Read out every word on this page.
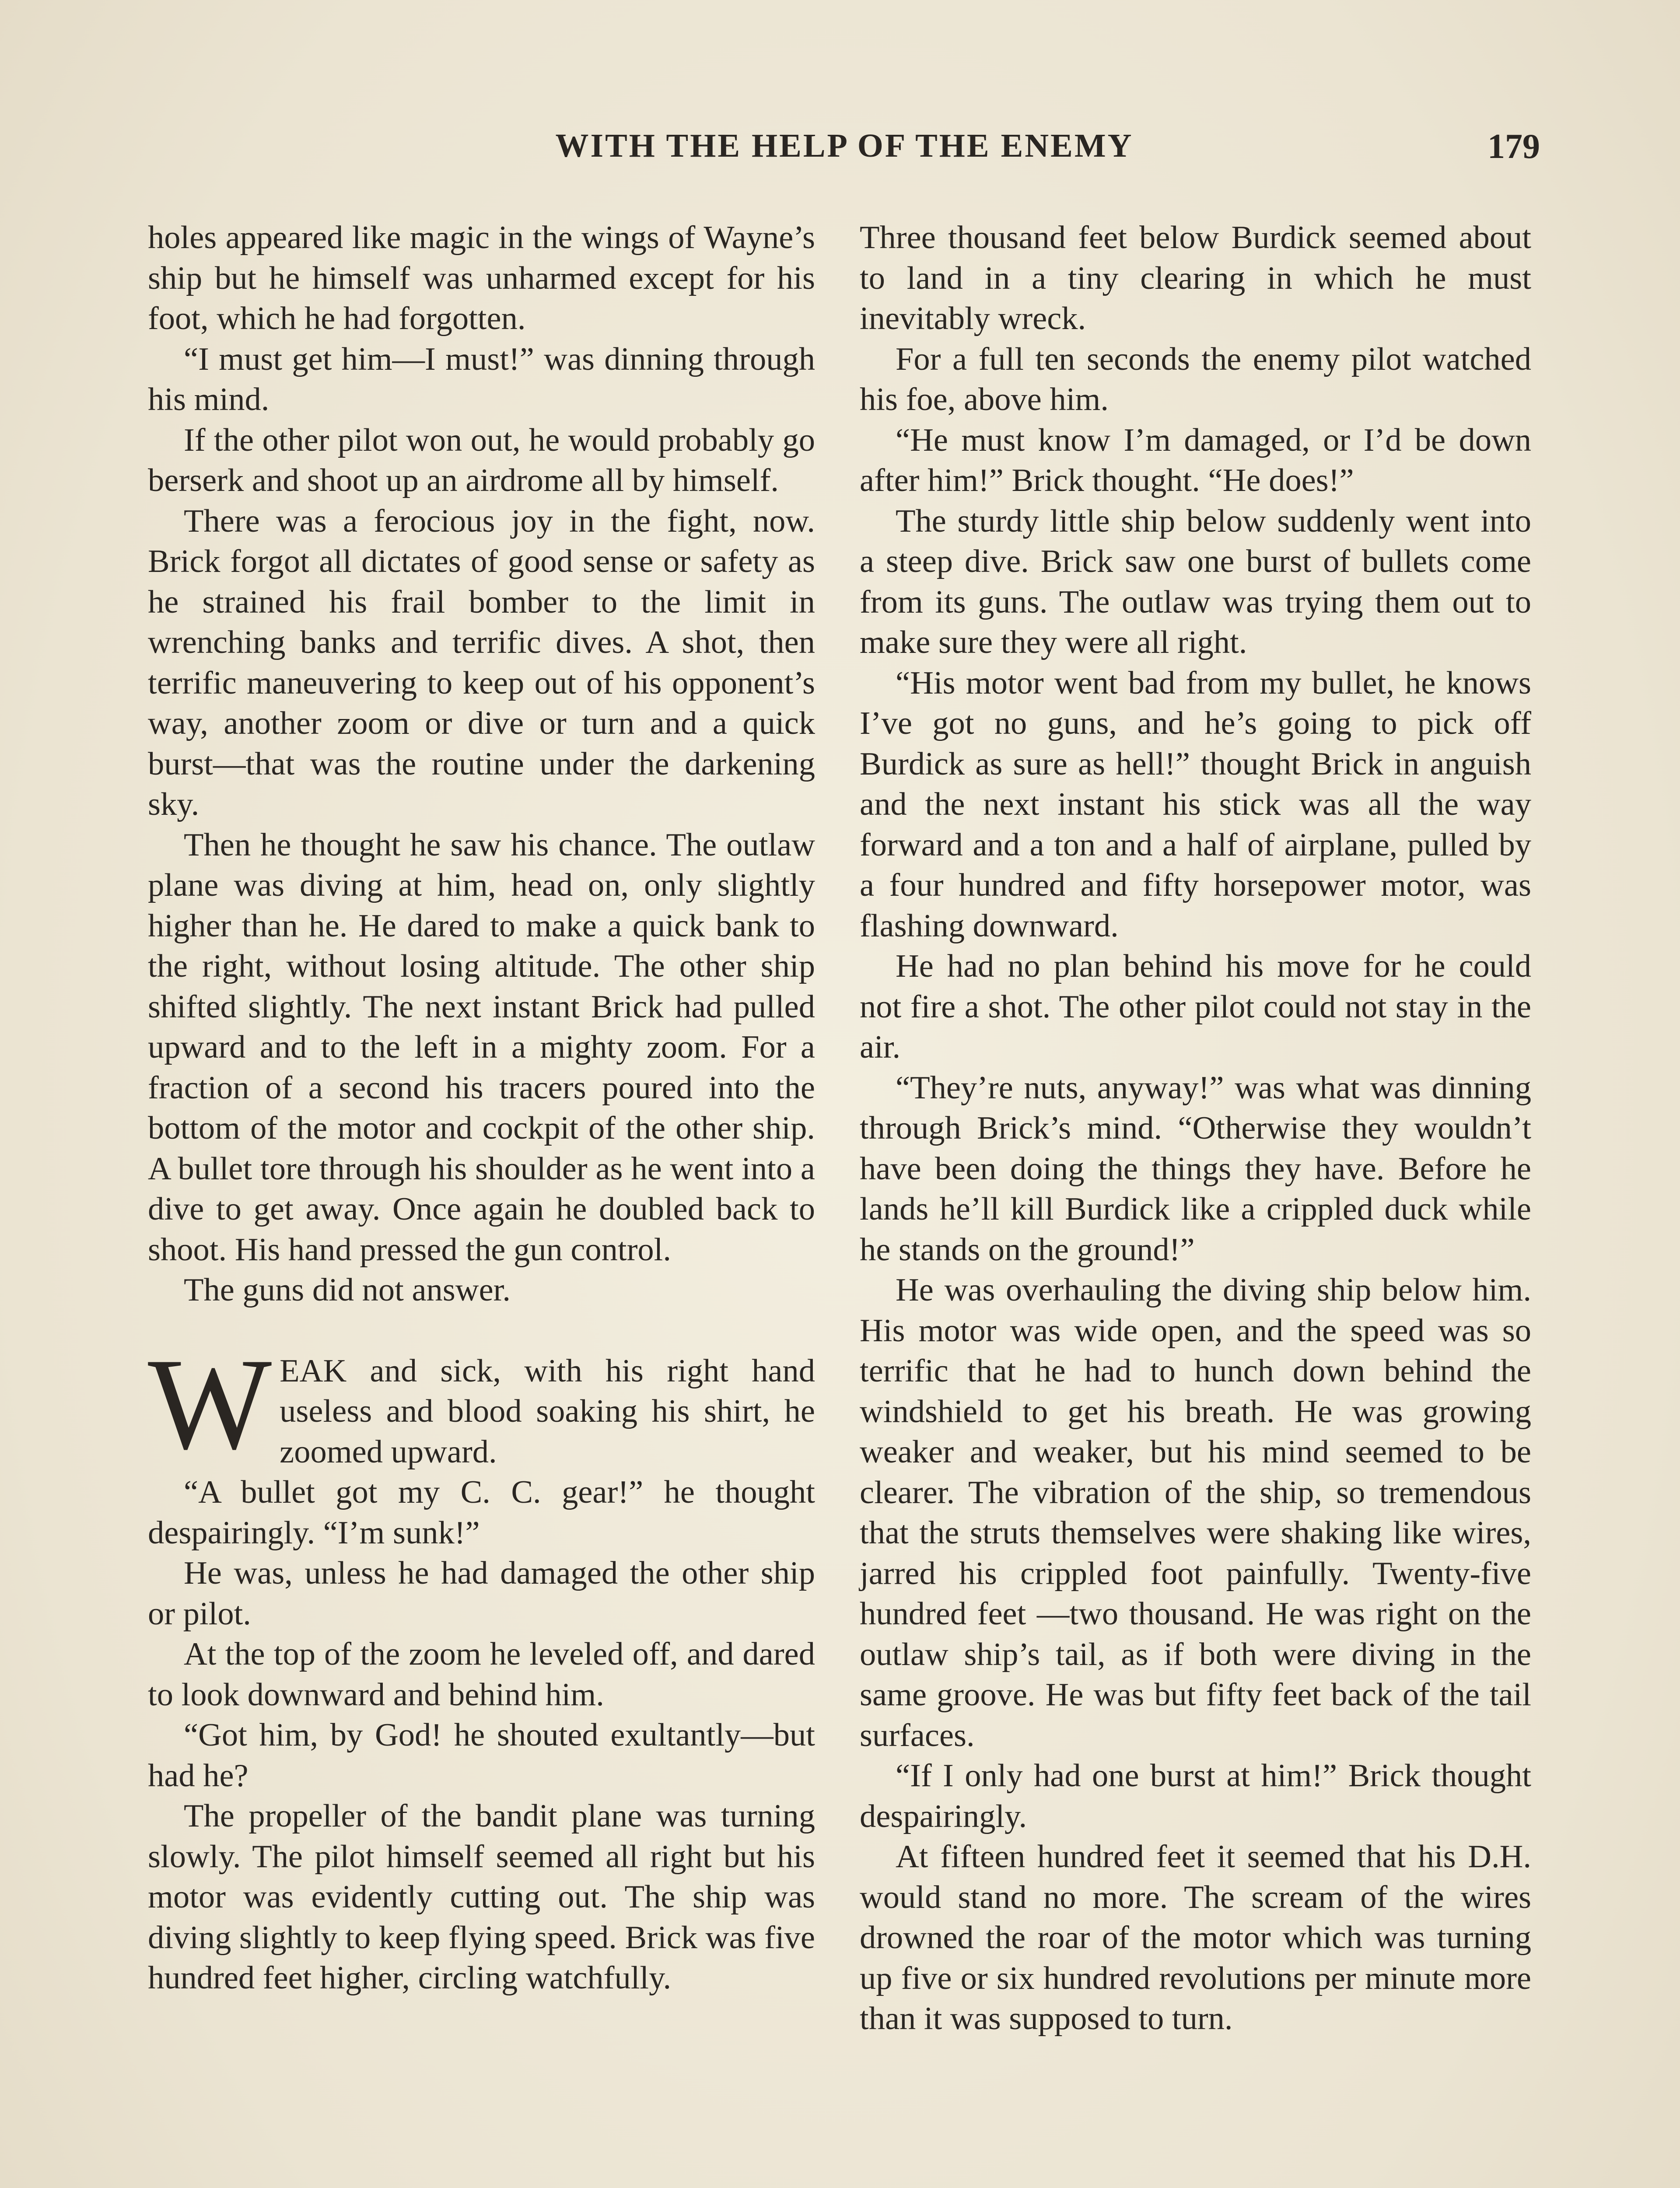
WITH THE HELP OF THE ENEMY	179

holes appeared like magic in the wings of Wayne’s ship but he himself was unharmed except for his foot, which he had forgotten.

“I must get him—I must!” was dinning through his mind.

If the other pilot won out, he would probably go berserk and shoot up an airdrome all by himself.

There was a ferocious joy in the fight, now. Brick forgot all dictates of good sense or safety as he strained his frail bomber to the limit in wrenching banks and terrific dives. A shot, then terrific maneuvering to keep out of his opponent’s way, another zoom or dive or turn and a quick burst—that was the routine under the darkening sky.

Then he thought he saw his chance. The outlaw plane was diving at him, head on, only slightly higher than he. He dared to make a quick bank to the right, without losing altitude. The other ship shifted slightly. The next instant Brick had pulled upward and to the left in a mighty zoom. For a fraction of a second his tracers poured into the bottom of the motor and cockpit of the other ship. A bullet tore through his shoulder as he went into a dive to get away. Once again he doubled back to shoot. His hand pressed the gun control.

The guns did not answer.

WEAK and sick, with his right hand useless and blood soaking his shirt, he zoomed upward.

“A bullet got my C. C. gear!” he thought despairingly. “I’m sunk!”

He was, unless he had damaged the other ship or pilot.

At the top of the zoom he leveled off, and dared to look downward and behind him.

“Got him, by God! he shouted exultantly—but had he?

The propeller of the bandit plane was turning slowly. The pilot himself seemed all right but his motor was evidently cutting out. The ship was diving slightly to keep flying speed. Brick was five hundred feet higher, circling watchfully.

Three thousand feet below Burdick seemed about to land in a tiny clearing in which he must inevitably wreck.

For a full ten seconds the enemy pilot watched his foe, above him.

“He must know I’m damaged, or I’d be down after him!” Brick thought. “He does!”

The sturdy little ship below suddenly went into a steep dive. Brick saw one burst of bullets come from its guns. The outlaw was trying them out to make sure they were all right.

“His motor went bad from my bullet, he knows I’ve got no guns, and he’s going to pick off Burdick as sure as hell!” thought Brick in anguish and the next instant his stick was all the way forward and a ton and a half of airplane, pulled by a four hundred and fifty horsepower motor, was flashing downward.

He had no plan behind his move for he could not fire a shot. The other pilot could not stay in the air.

“They’re nuts, anyway!” was what was dinning through Brick’s mind. “Otherwise they wouldn’t have been doing the things they have. Before he lands he’ll kill Burdick like a crippled duck while he stands on the ground!”

He was overhauling the diving ship below him. His motor was wide open, and the speed was so terrific that he had to hunch down behind the windshield to get his breath. He was growing weaker and weaker, but his mind seemed to be clearer. The vibration of the ship, so tremendous that the struts themselves were shaking like wires, jarred his crippled foot painfully. Twenty-five hundred feet —two thousand. He was right on the outlaw ship’s tail, as if both were diving in the same groove. He was but fifty feet back of the tail surfaces.

“If I only had one burst at him!” Brick thought despairingly.

At fifteen hundred feet it seemed that his D.H. would stand no more. The scream of the wires drowned the roar of the motor which was turning up five or six hundred revolutions per minute more than it was supposed to turn.
